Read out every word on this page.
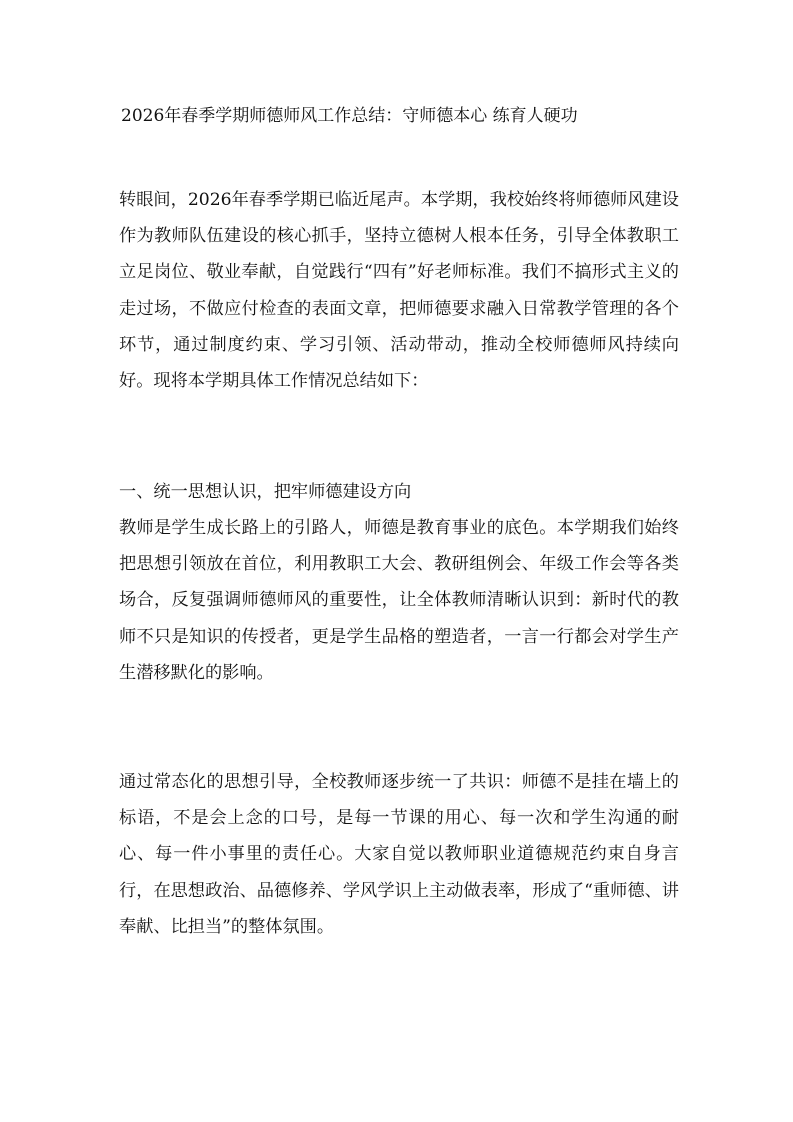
2026年春季学期师德师风工作总结：守师德本心 练育人硬功

转眼间，2026年春季学期已临近尾声。本学期，我校始终将师德师风建设作为教师队伍建设的核心抓手，坚持立德树人根本任务，引导全体教职工立足岗位、敬业奉献，自觉践行“四有”好老师标准。我们不搞形式主义的走过场，不做应付检查的表面文章，把师德要求融入日常教学管理的各个环节，通过制度约束、学习引领、活动带动，推动全校师德师风持续向好。现将本学期具体工作情况总结如下：

一、统一思想认识，把牢师德建设方向

教师是学生成长路上的引路人，师德是教育事业的底色。本学期我们始终把思想引领放在首位，利用教职工大会、教研组例会、年级工作会等各类场合，反复强调师德师风的重要性，让全体教师清晰认识到：新时代的教师不只是知识的传授者，更是学生品格的塑造者，一言一行都会对学生产生潜移默化的影响。

通过常态化的思想引导，全校教师逐步统一了共识：师德不是挂在墙上的标语，不是会上念的口号，是每一节课的用心、每一次和学生沟通的耐心、每一件小事里的责任心。大家自觉以教师职业道德规范约束自身言行，在思想政治、品德修养、学风学识上主动做表率，形成了“重师德、讲奉献、比担当”的整体氛围。
